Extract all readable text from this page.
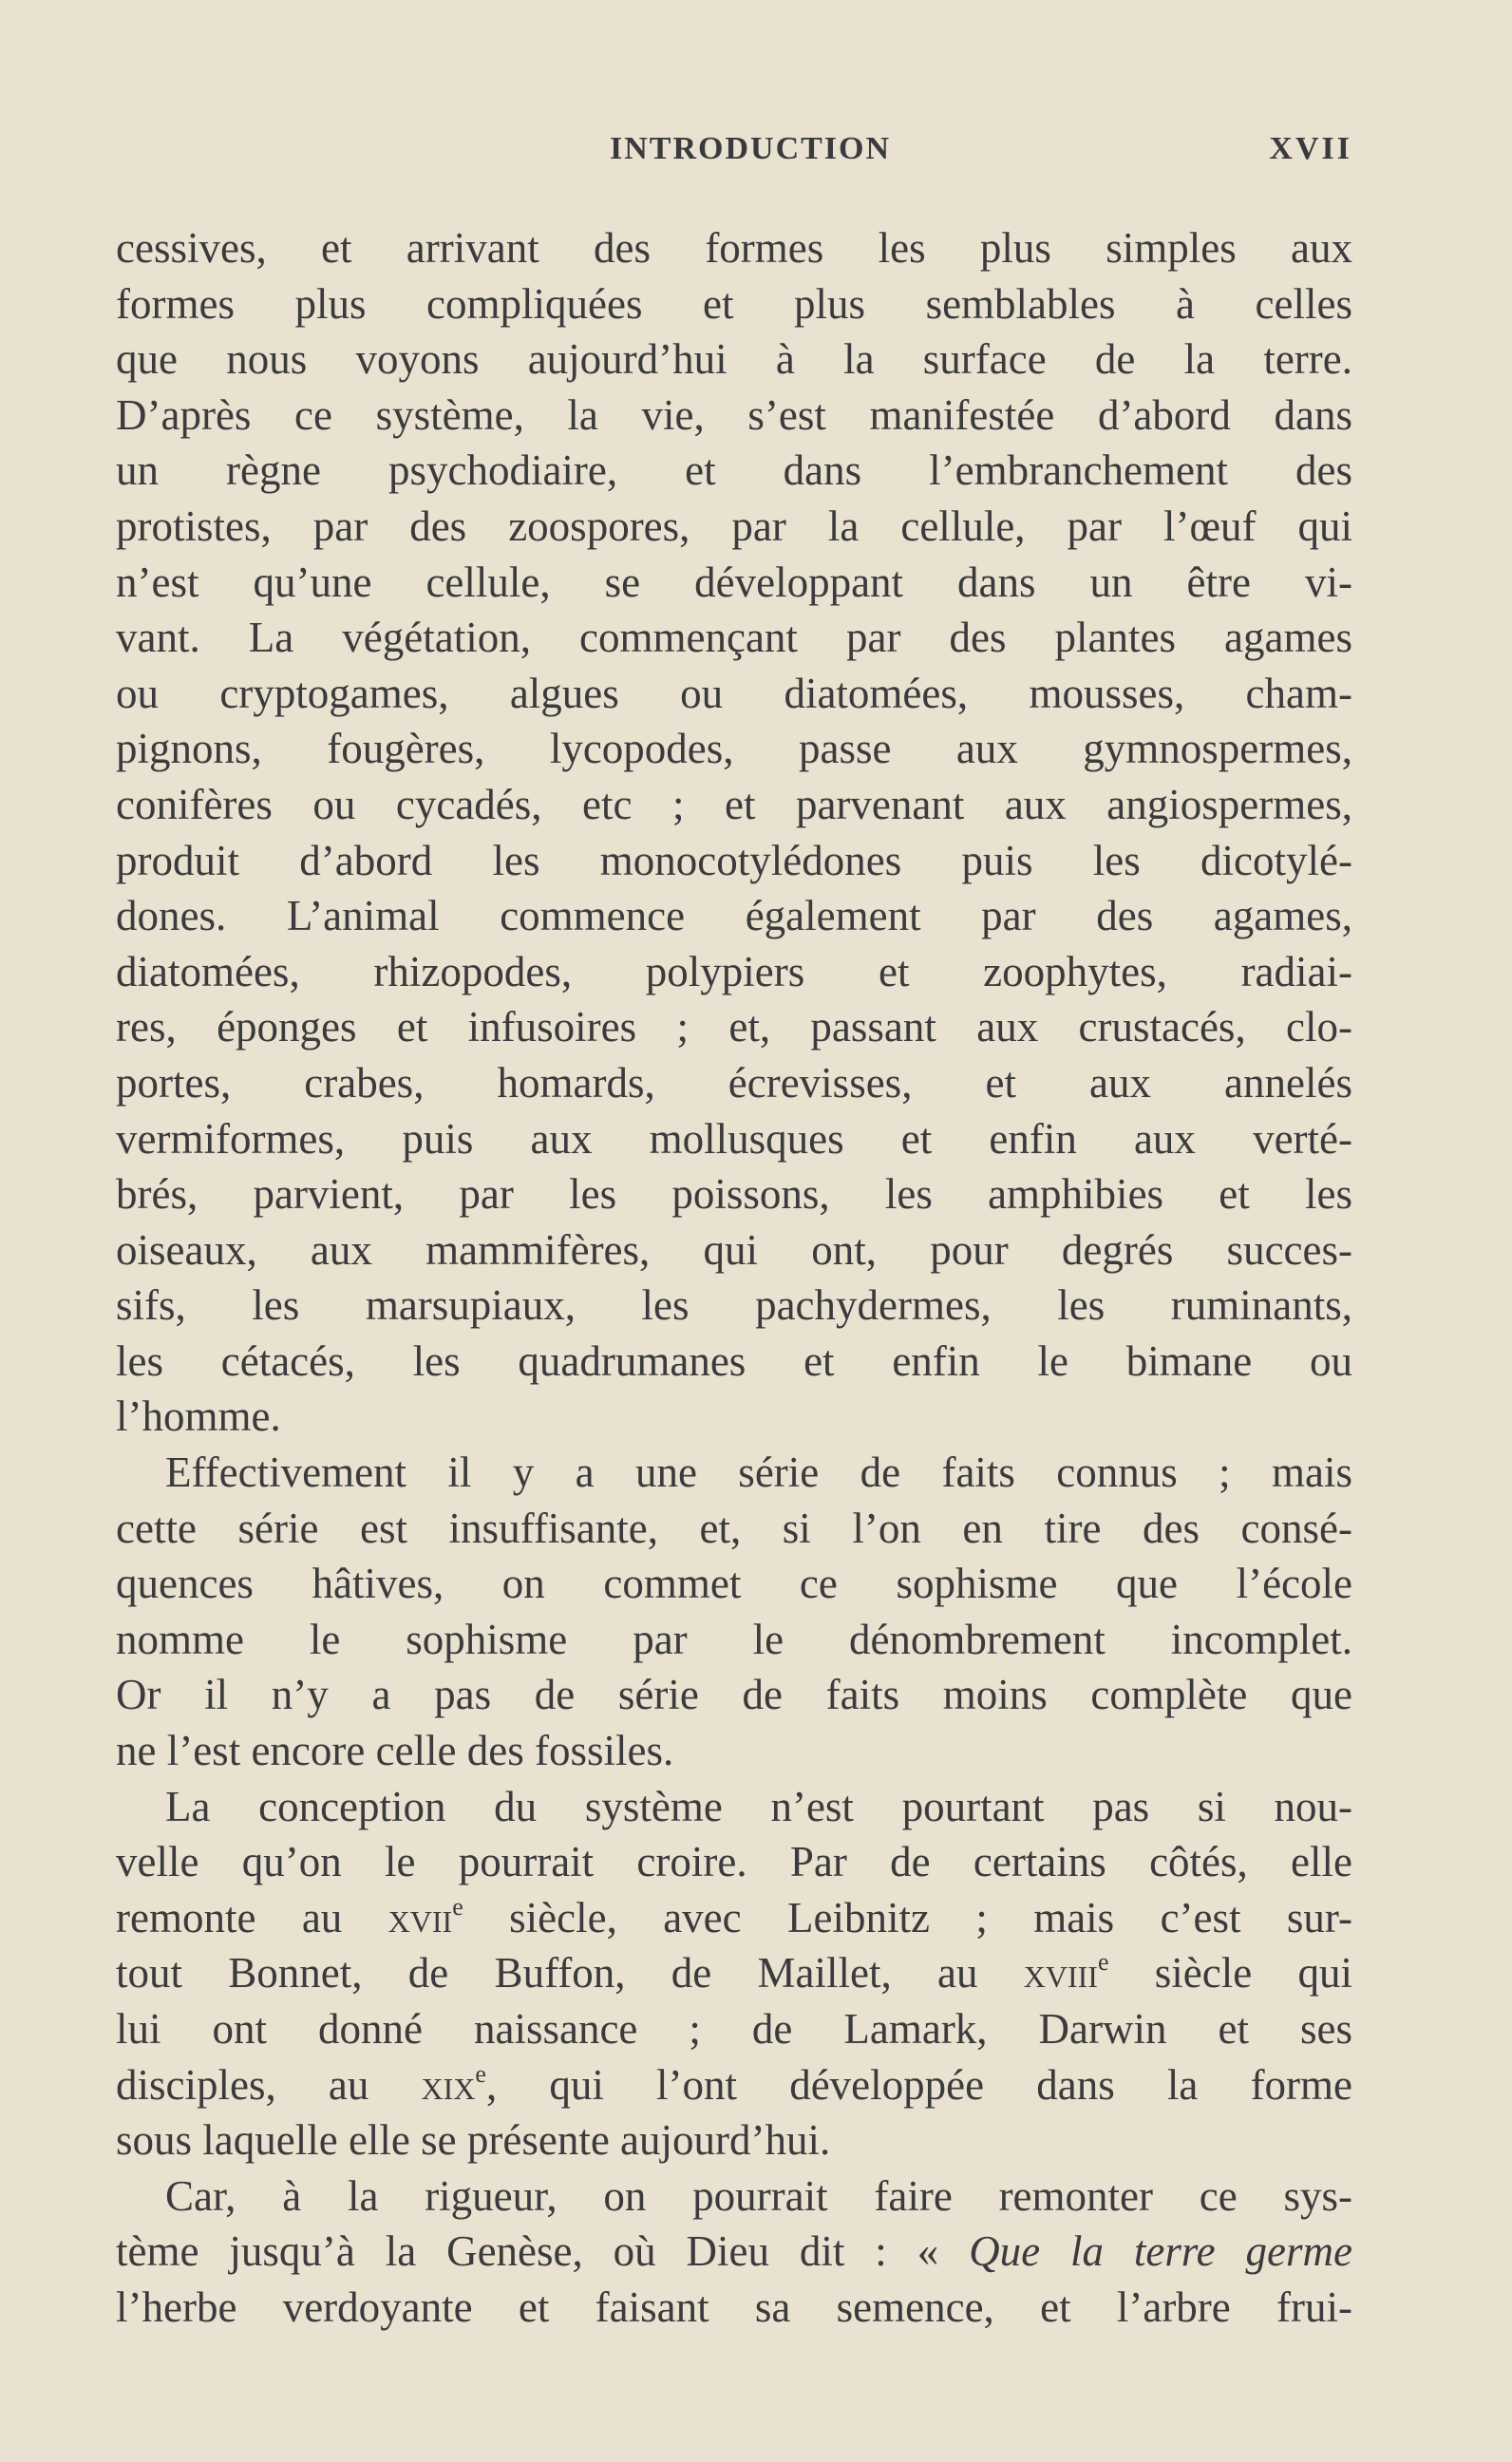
INTRODUCTION	XVII
cessives, et arrivant des formes les plus simples aux
formes plus compliquées et plus semblables à celles
que nous voyons aujourd’hui à la surface de la terre.
D’après ce système, la vie, s’est manifestée d’abord dans
un règne psychodiaire, et dans l’embranchement des
protistes, par des zoospores, par la cellule, par l’œuf qui
n’est qu’une cellule, se développant dans un être vi-
vant. La végétation, commençant par des plantes agames
ou cryptogames, algues ou diatomées, mousses, cham-
pignons, fougères, lycopodes, passe aux gymnospermes,
conifères ou cycadés, etc ; et parvenant aux angiospermes,
produit d’abord les monocotylédones puis les dicotylé-
dones. L’animal commence également par des agames,
diatomées, rhizopodes, polypiers et zoophytes, radiai-
res, éponges et infusoires ; et, passant aux crustacés, clo-
portes, crabes, homards, écrevisses, et aux annelés
vermiformes, puis aux mollusques et enfin aux verté-
brés, parvient, par les poissons, les amphibies et les
oiseaux, aux mammifères, qui ont, pour degrés succes-
sifs, les marsupiaux, les pachydermes, les ruminants,
les cétacés, les quadrumanes et enfin le bimane ou
l’homme.
Effectivement il y a une série de faits connus ; mais
cette série est insuffisante, et, si l’on en tire des consé-
quences hâtives, on commet ce sophisme que l’école
nomme le sophisme par le dénombrement incomplet.
Or il n’y a pas de série de faits moins complète que
ne l’est encore celle des fossiles.
La conception du système n’est pourtant pas si nou-
velle qu’on le pourrait croire. Par de certains côtés, elle
remonte au xvii$^e$ siècle, avec Leibnitz ; mais c’est sur-
tout Bonnet, de Buffon, de Maillet, au xviii$^e$ siècle qui
lui ont donné naissance ; de Lamark, Darwin et ses
disciples, au xix$^e$, qui l’ont développée dans la forme
sous laquelle elle se présente aujourd’hui.
Car, à la rigueur, on pourrait faire remonter ce sys-
tème jusqu’à la Genèse, où Dieu dit : « Que la terre germe
l’herbe verdoyante et faisant sa semence, et l’arbre frui-
